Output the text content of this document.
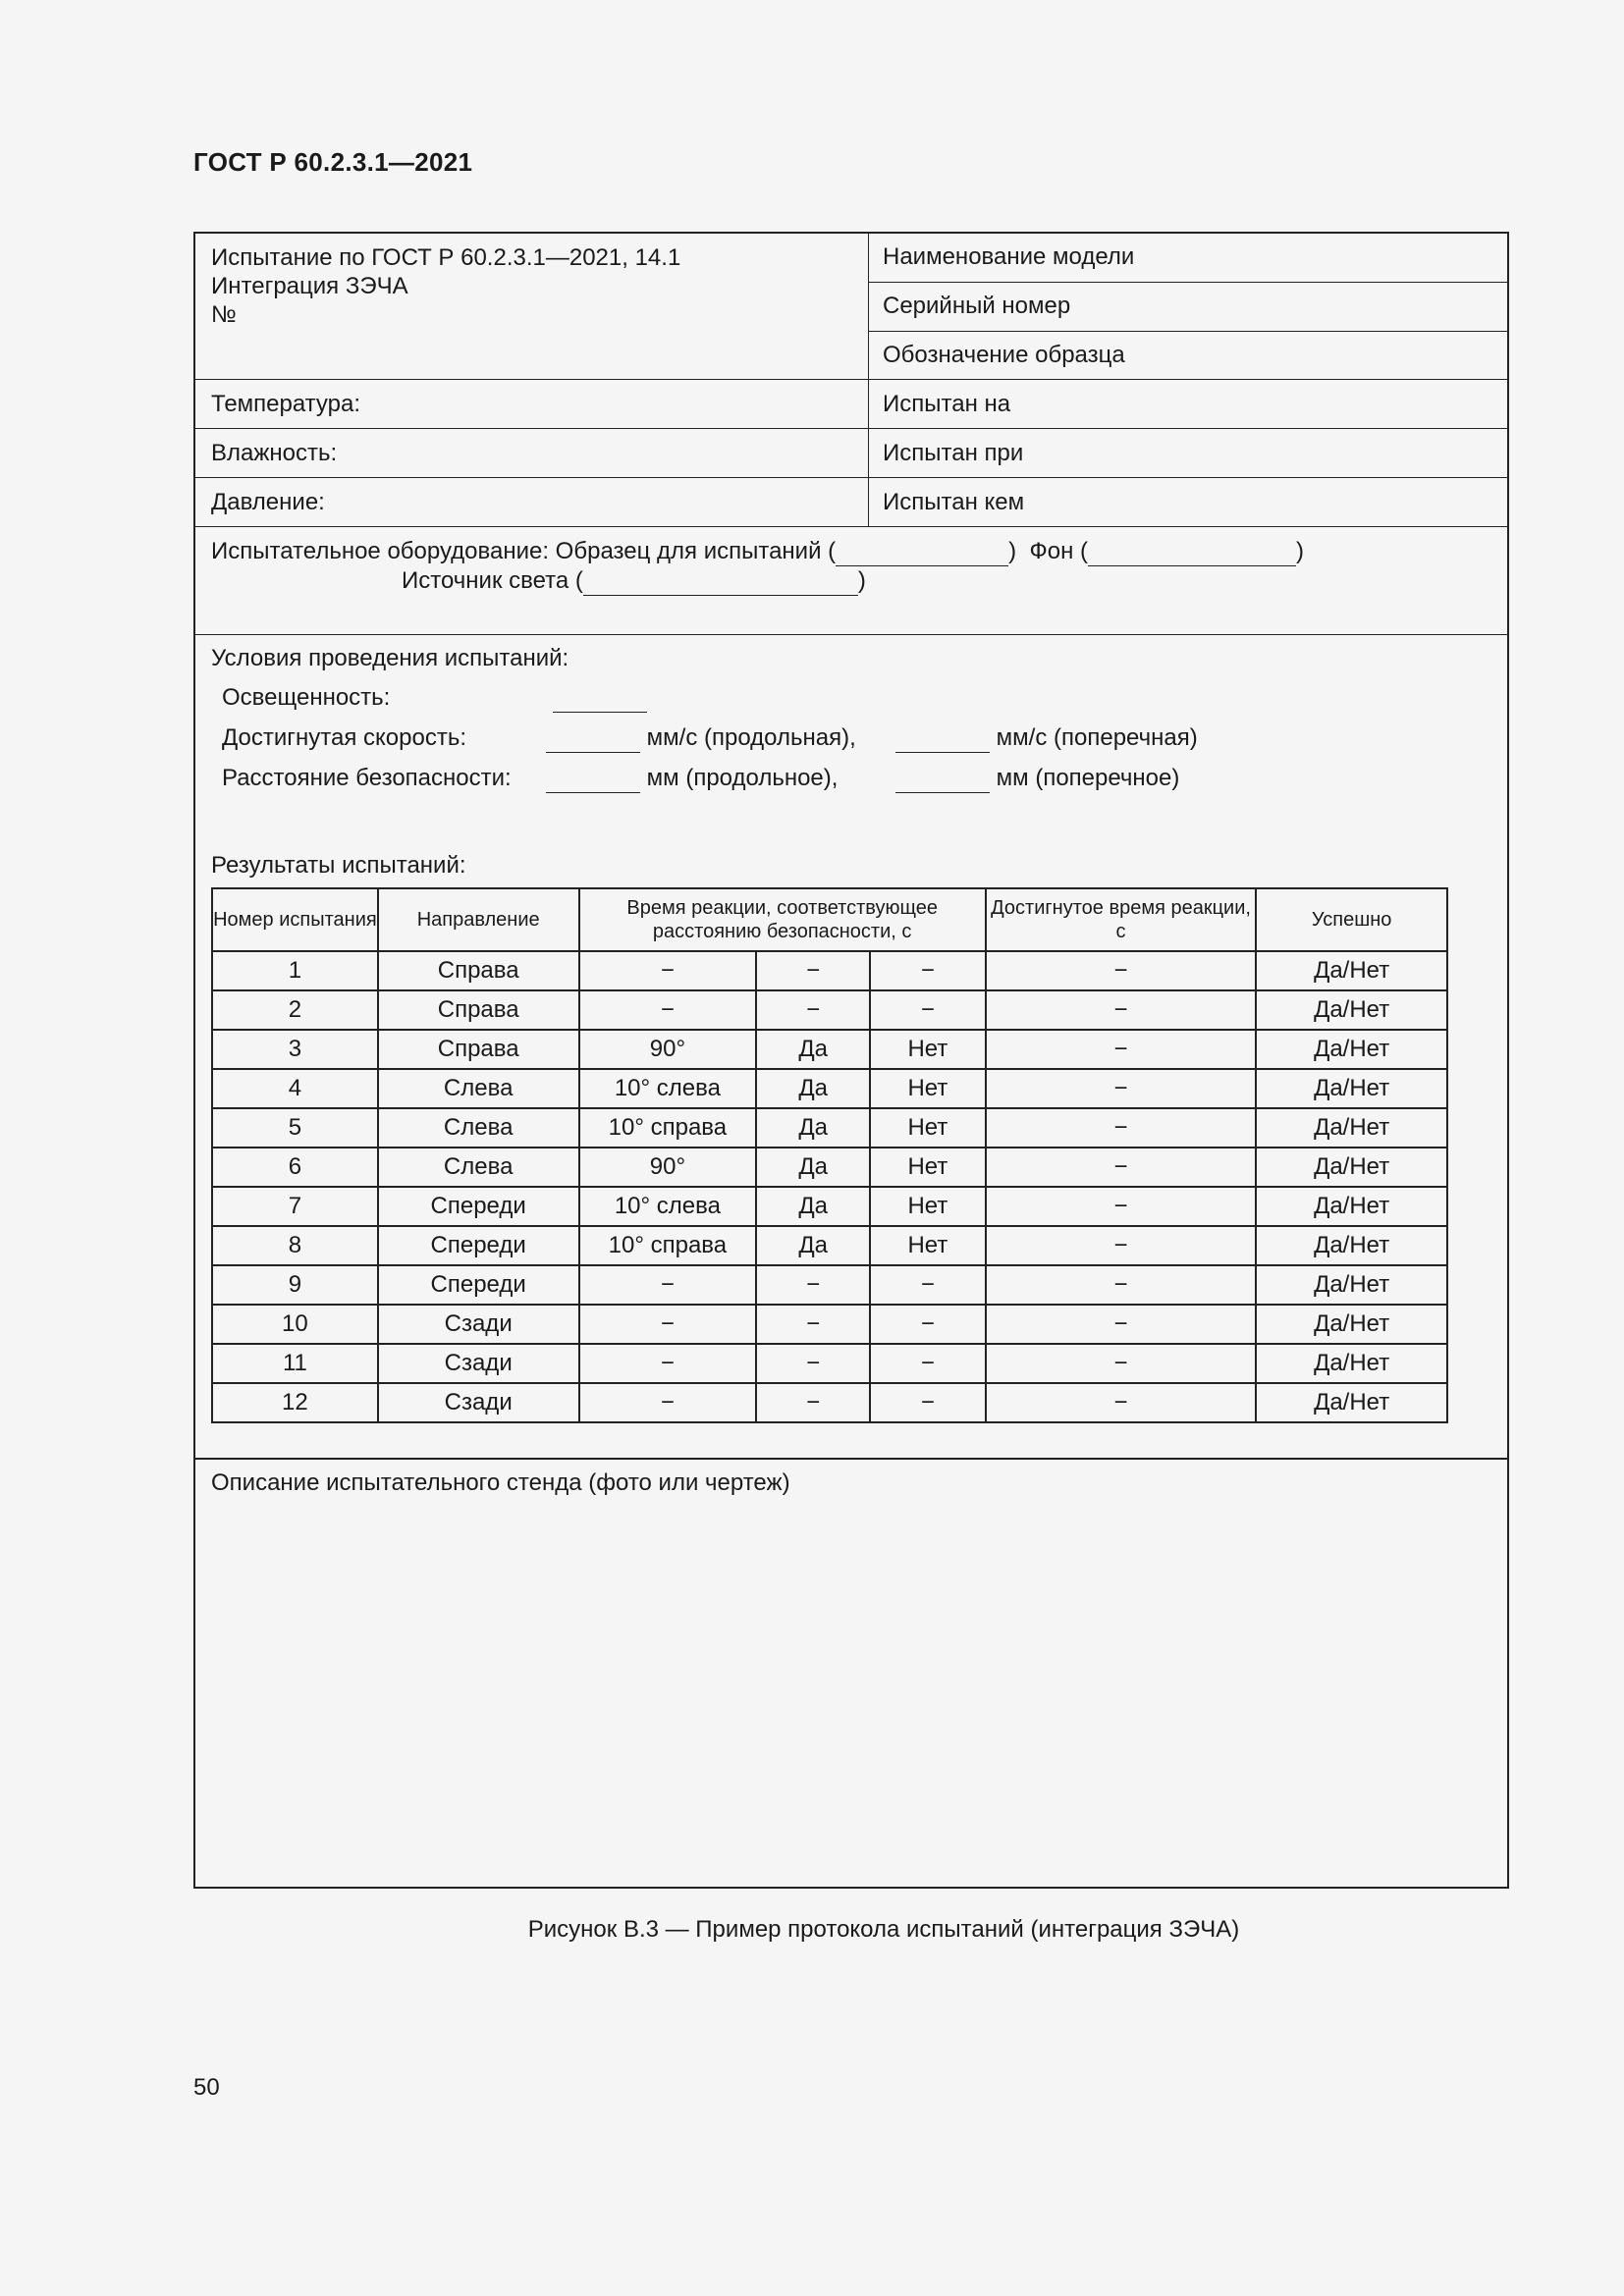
ГОСТ Р 60.2.3.1—2021
Испытание по ГОСТ Р 60.2.3.1—2021, 14.1
Интеграция ЗЭЧА
№
Наименование модели
Серийный номер
Обозначение образца
Температура:	Испытан на
Влажность:	Испытан при
Давление:	Испытан кем
Испытательное оборудование: Образец для испытаний (	) Фон (	)
Источник света (	)
Условия проведения испытаний:
Освещенность:

Достигнутая скорость:	мм/с (продольная),	мм/с (поперечная)
Расстояние безопасности:	мм (продольное),	мм (поперечное)
Результаты испытаний:
Номер испытания	Направление	Время реакции, соответствующее расстоянию безопасности, с			Достигнутое время реакции, с	Успешно
1	Справа	−	−	−	−	Да/Нет
2	Справа	−	−	−	−	Да/Нет
3	Справа	90°	Да	Нет	−	Да/Нет
4	Слева	10° слева	Да	Нет	−	Да/Нет
5	Слева	10° справа	Да	Нет	−	Да/Нет
6	Слева	90°	Да	Нет	−	Да/Нет
7	Спереди	10° слева	Да	Нет	−	Да/Нет
8	Спереди	10° справа	Да	Нет	−	Да/Нет
9	Спереди	−	−	−	−	Да/Нет
10	Сзади	−	−	−	−	Да/Нет
11	Сзади	−	−	−	−	Да/Нет
12	Сзади	−	−	−	−	Да/Нет
Описание испытательного стенда (фото или чертеж)
Рисунок В.3 — Пример протокола испытаний (интеграция ЗЭЧА)
50
